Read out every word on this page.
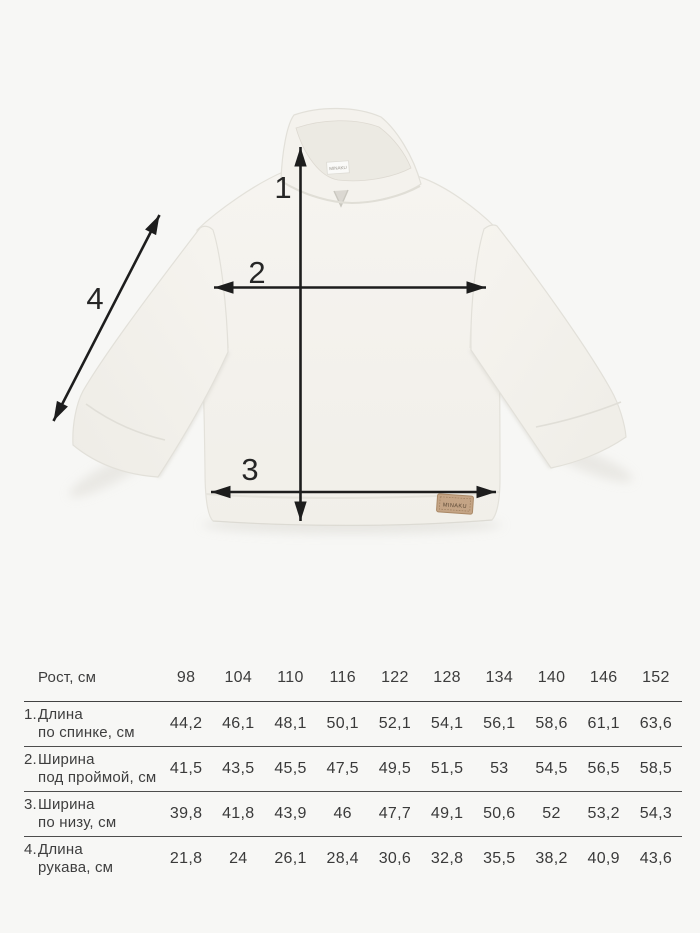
MINAKU
MINAKU
1
2
3
4
Рост, см	98	104	110	116	122	128	134	140	146	152
1. Длина
по спинке, см
44,2	46,1	48,1	50,1	52,1	54,1	56,1	58,6	61,1	63,6
2. Ширина
под проймой, см
41,5	43,5	45,5	47,5	49,5	51,5	53	54,5	56,5	58,5
3. Ширина
по низу, см
39,8	41,8	43,9	46	47,7	49,1	50,6	52	53,2	54,3
4. Длина
рукава, см
21,8	24	26,1	28,4	30,6	32,8	35,5	38,2	40,9	43,6
